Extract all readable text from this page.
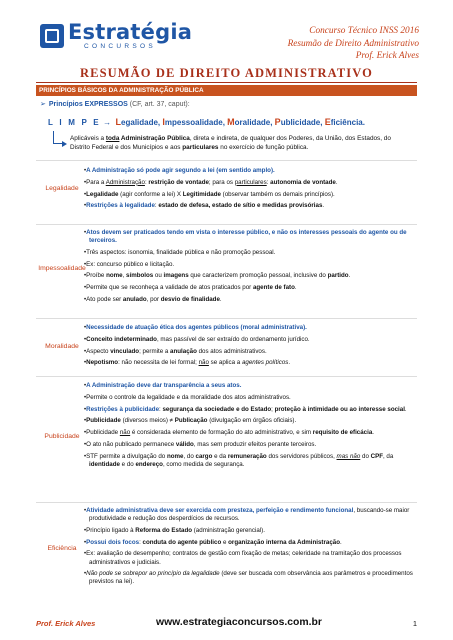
Estratégia
CONCURSOS
Concurso Técnico INSS 2016
Resumão de Direito Administrativo
Prof. Erick Alves
RESUMÃO DE DIREITO ADMINISTRATIVO
PRINCÍPIOS BÁSICOS DA ADMINISTRAÇÃO PÚBLICA
➢ Princípios EXPRESSOS (CF, art. 37, caput):
L I M P E → Legalidade, Impessoalidade, Moralidade, Publicidade, Eficiência.
Aplicáveis a toda Administração Pública, direta e indireta, de qualquer dos Poderes, da União, dos Estados, do Distrito Federal e dos Municípios e aos particulares no exercício de função pública.
Legalidade
• A Administração só pode agir segundo a lei (em sentido amplo).
• Para a Administração: restrição de vontade; para os particulares: autonomia de vontade.
• Legalidade (agir conforme a lei) X Legitimidade (observar também os demais princípios).
• Restrições à legalidade: estado de defesa, estado de sítio e medidas provisórias.
Impessoalidade
• Atos devem ser praticados tendo em vista o interesse público, e não os interesses pessoais do agente ou de terceiros.
• Três aspectos: isonomia, finalidade pública e não promoção pessoal.
• Ex: concurso público e licitação.
• Proíbe nome, símbolos ou imagens que caracterizem promoção pessoal, inclusive do partido.
• Permite que se reconheça a validade de atos praticados por agente de fato.
• Ato pode ser anulado, por desvio de finalidade.
Moralidade
• Necessidade de atuação ética dos agentes públicos (moral administrativa).
• Conceito indeterminado, mas passível de ser extraído do ordenamento jurídico.
• Aspecto vinculado; permite a anulação dos atos administrativos.
• Nepotismo: não necessita de lei formal; não se aplica a agentes políticos.
Publicidade
• A Administração deve dar transparência a seus atos.
• Permite o controle da legalidade e da moralidade dos atos administrativos.
• Restrições à publicidade: segurança da sociedade e do Estado; proteção à intimidade ou ao interesse social.
• Publicidade (diversos meios) ≠ Publicação (divulgação em órgãos oficiais).
• Publicidade não é considerada elemento de formação do ato administrativo, e sim requisito de eficácia.
• O ato não publicado permanece válido, mas sem produzir efeitos perante terceiros.
• STF permite a divulgação do nome, do cargo e da remuneração dos servidores públicos, mas não do CPF, da identidade e do endereço, como medida de segurança.
Eficiência
• Atividade administrativa deve ser exercida com presteza, perfeição e rendimento funcional, buscando-se maior produtividade e redução dos desperdícios de recursos.
• Princípio ligado à Reforma do Estado (administração gerencial).
• Possui dois focos: conduta do agente público e organização interna da Administração.
• Ex: avaliação de desempenho; contratos de gestão com fixação de metas; celeridade na tramitação dos processos administrativos e judiciais.
• Não pode se sobrepor ao princípio da legalidade (deve ser buscada com observância aos parâmetros e procedimentos previstos na lei).
Prof. Erick Alves	www.estrategiaconcursos.com.br	1
